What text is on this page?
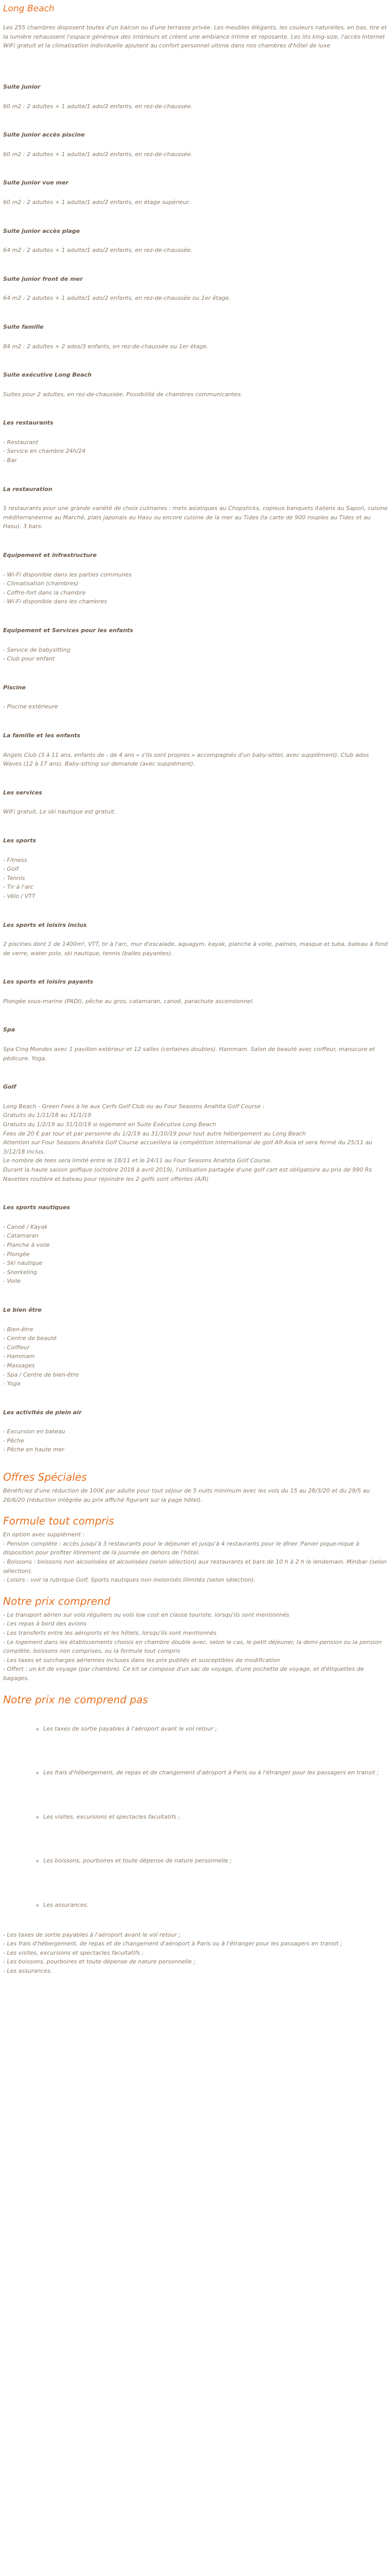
Long Beach

Les 255 chambres disposent toutes d'un balcon ou d'une terrasse privée. Les meubles élégants, les couleurs naturelles, en bas, tire et la lumière rehaussent l'espace généreux des intérieurs et créent une ambiance intime et reposante. Les lits king-size, l'accès Internet WiFi gratuit et la climatisation individuelle ajoutent au confort personnel ultime dans nos chambres d'hôtel de luxe

Suite junior

60 m2 : 2 adultes + 1 adulte/1 ado/2 enfants, en rez-de-chaussée.

Suite junior accès piscine

60 m2 : 2 adultes + 1 adulte/1 ado/2 enfants, en rez-de-chaussée.

Suite junior vue mer

60 m2 : 2 adultes + 1 adulte/1 ado/2 enfants, en étage supérieur.

Suite junior accès plage

64 m2 : 2 adultes + 1 adulte/1 ado/2 enfants, en rez-de-chaussée.

Suite junior front de mer

64 m2 : 2 adultes + 1 adulte/1 ado/2 enfants, en rez-de-chaussée ou 1er étage.

Suite famille

84 m2 : 2 adultes + 2 ados/3 enfants, en rez-de-chaussée ou 1er étage.

Suite exécutive Long Beach

Suites pour 2 adultes, en rez-de-chaussée. Possibilité de chambres communicantes.

Les restaurants

- Restaurant
- Service en chambre 24h/24
- Bar

La restauration

5 restaurants pour une grande variété de choix culinaires : mets asiatiques au Chopsticks, copieux banquets italiens au Sapori, cuisine méditerranéenne au Marché, plats japonais au Hasu ou encore cuisine de la mer au Tides (la carte de 900 roupies au Tides et au Hasu). 3 bars.

Equipement et infrastructure

- Wi-Fi disponible dans les parties communes
- Climatisation (chambres)
- Coffre-fort dans la chambre
- Wi-Fi disponible dans les chambres

Equipement et Services pour les enfants

- Service de babysitting
- Club pour enfant

Piscine

- Piscine extérieure

La famille et les enfants

Angels Club (3 à 11 ans, enfants de - de 4 ans « s'ils sont propres » accompagnés d'un baby-sitter, avec supplément). Club ados Waves (12 à 17 ans). Baby-sitting sur demande (avec supplément).

Les services

WiFi gratuit. Le ski nautique est gratuit.

Les sports

- Fitness
- Golf
- Tennis
- Tir à l'arc
- Vélo / VTT

Les sports et loisirs inclus

2 piscines dont 1 de 1400m², VTT, tir à l'arc, mur d'escalade, aquagym, kayak, planche à voile, palmes, masque et tuba, bateau à fond de verre, water polo, ski nautique, tennis (balles payantes).

Les sports et loisirs payants

Plongée sous-marine (PADI), pêche au gros, catamaran, canoë, parachute ascensionnel.

Spa

Spa Cinq Mondes avec 1 pavillon extérieur et 12 salles (certaines doubles). Hammam. Salon de beauté avec coiffeur, manucure et pédicure. Yoga.

Golf

Long Beach - Green Fees à lie aux Cerfs Golf Club ou au Four Seasons Anahita Golf Course :
Gratuits du 1/11/18 au 31/1/19
Gratuits du 1/2/19 au 31/10/19 si logement en Suite Exécutive Long Beach
Fees de 20 € par tour et par personne du 1/2/19 au 31/10/19 pour tout autre hébergement au Long Beach
Attention sur Four Seasons Anahita Golf Course accueillera la compétition international de golf Afr.Asia et sera fermé du 25/11 au 3/12/18 inclus.
Le nombre de tees sera limité entre le 18/11 et le 24/11 au Four Seasons Anahita Golf Course.
Durant la haute saison golfique (octobre 2018 à avril 2019), l'utilisation partagée d'une golf cart est obligatoire au prix de 990 Rs
Navettes routière et bateau pour rejoindre les 2 golfs sont offertes (A/R)

Les sports nautiques

- Canoë / Kayak
- Catamaran
- Planche à voile
- Plongée
- Ski nautique
- Snorkeling
- Voile

Le bien être

- Bien-être
- Centre de beauté
- Coiffeur
- Hammam
- Massages
- Spa / Centre de bien-être
- Yoga

Les activités de plein air

- Excursion en bateau
- Pêche
- Pêche en haute mer
Offres Spéciales

Bénéficiez d'une réduction de 100€ par adulte pour tout séjour de 5 nuits minimum avec les vols du 15 au 28/3/20 et du 29/5 au 26/6/20 (réduction intégrée au prix affiché figurant sur la page hôtel).

Formule tout compris
En option avec supplément :
- Pension complète : accès jusqu'à 3 restaurants pour le déjeuner et jusqu'à 4 restaurants pour le dîner. Panier pique-nique à disposition pour profiter librement de la journée en dehors de l'hôtel.
- Boissons : boissons non alcoolisées et alcoolisées (selon sélection) aux restaurants et bars de 10 h à 2 h le lendemain. Minibar (selon sélection).
- Loisirs : voir la rubrique Golf, Sports nautiques non motorisés illimités (selon sélection).
Notre prix comprend
- Le transport aérien sur vols réguliers ou vols low cost en classe touriste, lorsqu'ils sont mentionnés
- Les repas à bord des avions
- Les transferts entre les aéroports et les hôtels, lorsqu'ils sont mentionnés
- Le logement dans les établissements choisis en chambre double avec, selon le cas, le petit déjeuner, la demi-pension ou la pension complète, boissons non comprises, ou la formule tout compris
- Les taxes et surcharges aériennes incluses dans les prix publiés et susceptibles de modification
- Offert : un kit de voyage (par chambre). Ce kit se compose d'un sac de voyage, d'une pochette de voyage, et d'étiquettes de bagages.
Notre prix ne comprend pas
◦ Les taxes de sortie payables à l'aéroport avant le vol retour ;
◦ Les frais d'hébergement, de repas et de changement d'aéroport à Paris ou à l'étranger pour les passagers en transit ;
◦ Les visites, excursions et spectacles facultatifs ;
◦ Les boissons, pourboires et toute dépense de nature personnelle ;
◦ Les assurances.
- Les taxes de sortie payables à l'aéroport avant le vol retour ;
- Les frais d'hébergement, de repas et de changement d'aéroport à Paris ou à l'étranger pour les passagers en transit ;
- Les visites, excursions et spectacles facultatifs ;
- Les boissons, pourboires et toute dépense de nature personnelle ;
- Les assurances.
